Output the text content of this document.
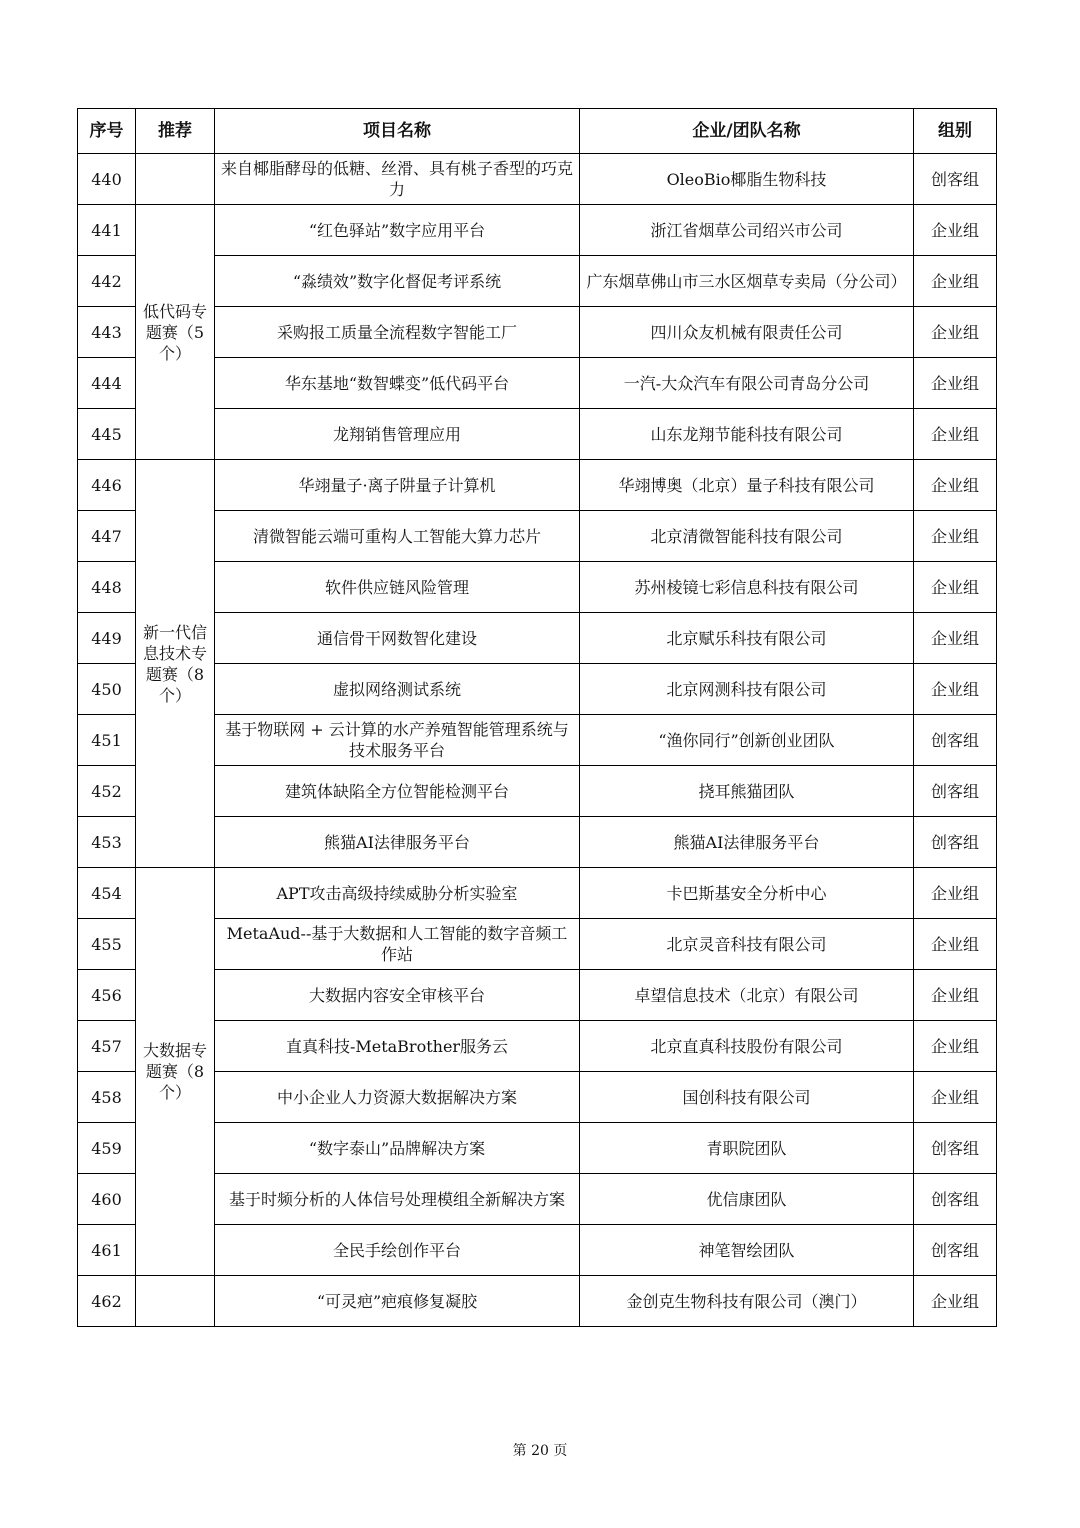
序号	推荐	项目名称	企业/团队名称	组别
440		来自椰脂酵母的低糖、丝滑、具有桃子香型的巧克力	OleoBio椰脂生物科技	创客组
441	低代码专题赛（5个）	“红色驿站”数字应用平台	浙江省烟草公司绍兴市公司	企业组
442		“淼绩效”数字化督促考评系统	广东烟草佛山市三水区烟草专卖局（分公司）	企业组
443		采购报工质量全流程数字智能工厂	四川众友机械有限责任公司	企业组
444		华东基地“数智蝶变”低代码平台	一汽-大众汽车有限公司青岛分公司	企业组
445		龙翔销售管理应用	山东龙翔节能科技有限公司	企业组
446	新一代信息技术专题赛（8个）	华翊量子·离子阱量子计算机	华翊博奥（北京）量子科技有限公司	企业组
447		清微智能云端可重构人工智能大算力芯片	北京清微智能科技有限公司	企业组
448		软件供应链风险管理	苏州棱镜七彩信息科技有限公司	企业组
449		通信骨干网数智化建设	北京赋乐科技有限公司	企业组
450		虚拟网络测试系统	北京网测科技有限公司	企业组
451		基于物联网 + 云计算的水产养殖智能管理系统与技术服务平台	“渔你同行”创新创业团队	创客组
452		建筑体缺陷全方位智能检测平台	挠耳熊猫团队	创客组
453		熊猫AI法律服务平台	熊猫AI法律服务平台	创客组
454	大数据专题赛（8个）	APT攻击高级持续威胁分析实验室	卡巴斯基安全分析中心	企业组
455		MetaAud--基于大数据和人工智能的数字音频工作站	北京灵音科技有限公司	企业组
456		大数据内容安全审核平台	卓望信息技术（北京）有限公司	企业组
457		直真科技-MetaBrother服务云	北京直真科技股份有限公司	企业组
458		中小企业人力资源大数据解决方案	国创科技有限公司	企业组
459		“数字泰山”品牌解决方案	青职院团队	创客组
460		基于时频分析的人体信号处理模组全新解决方案	优信康团队	创客组
461		全民手绘创作平台	神笔智绘团队	创客组
462		“可灵疤”疤痕修复凝胶	金创克生物科技有限公司（澳门）	企业组
第 20 页
